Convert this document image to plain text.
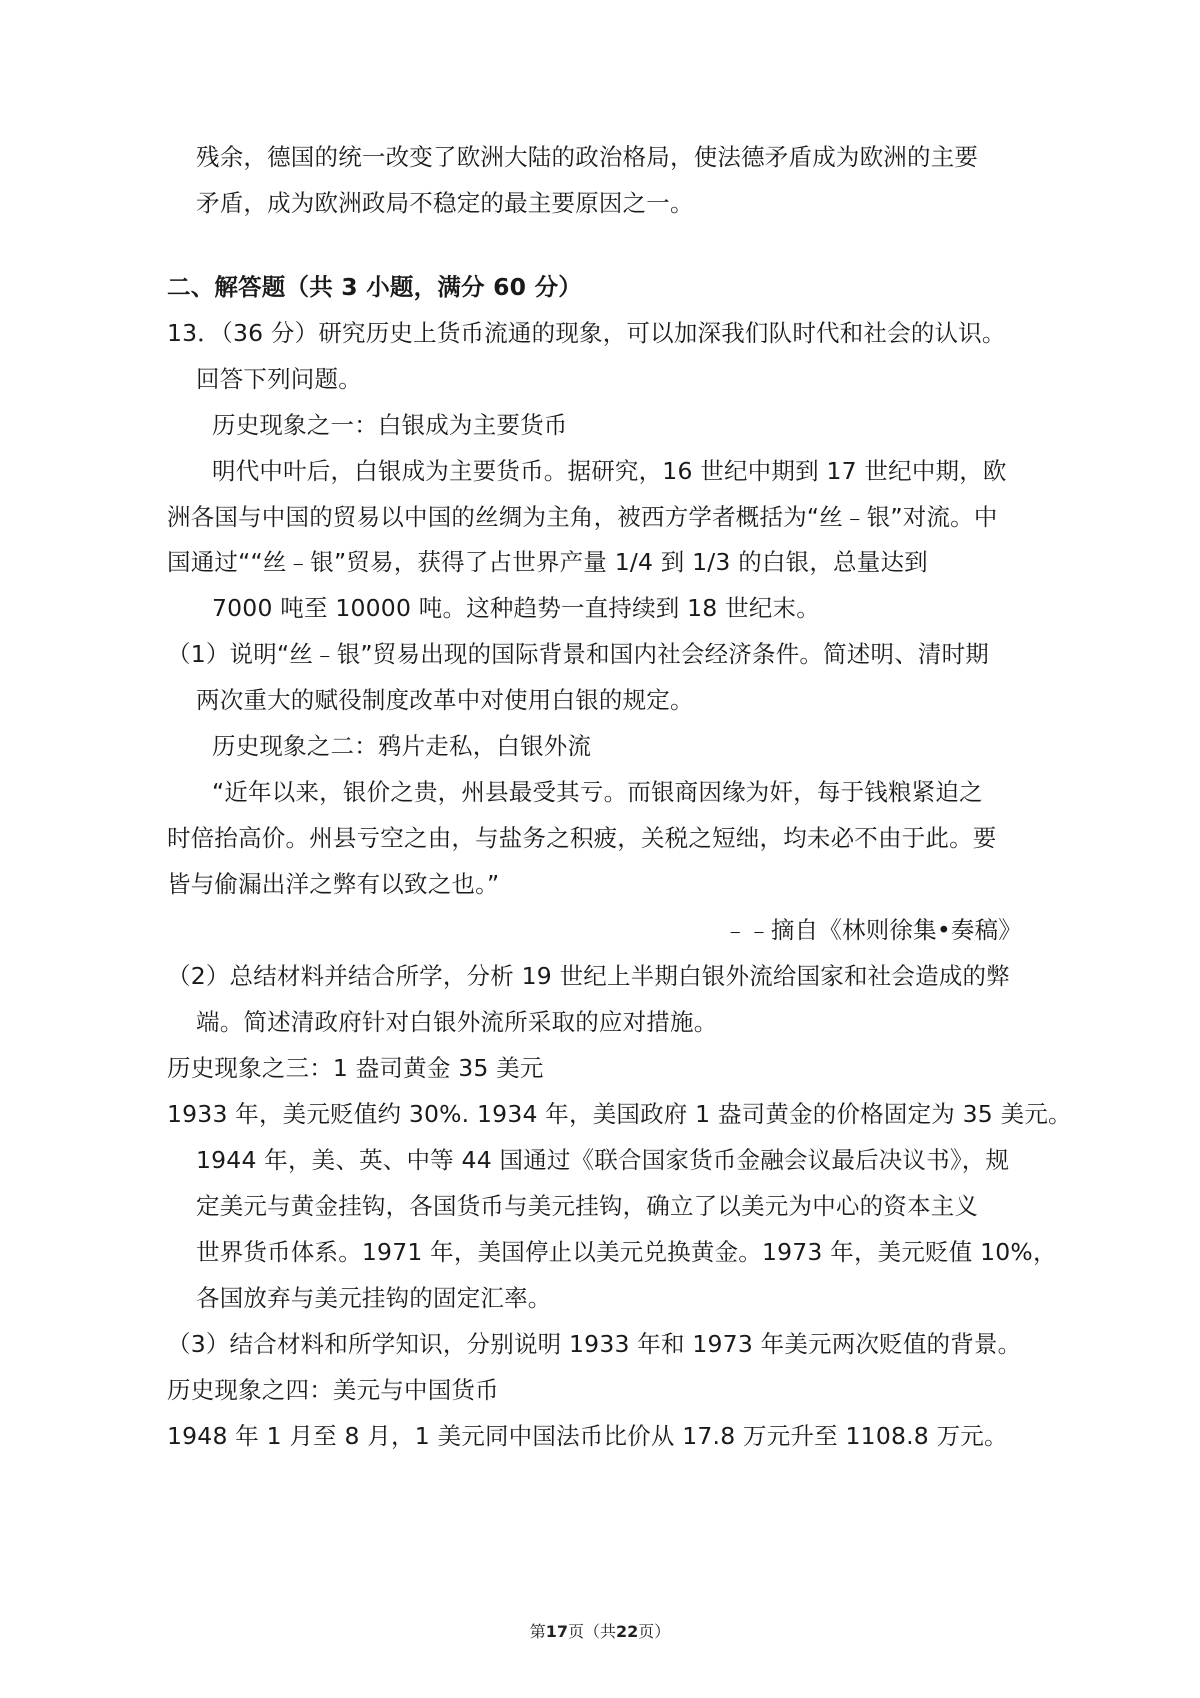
残余，德国的统一改变了欧洲大陆的政治格局，使法德矛盾成为欧洲的主要
矛盾，成为欧洲政局不稳定的最主要原因之一。
二、解答题（共 3 小题，满分 60 分）
13．（36 分）研究历史上货币流通的现象，可以加深我们队时代和社会的认识。
回答下列问题。
历史现象之一：白银成为主要货币
明代中叶后，白银成为主要货币。据研究，16 世纪中期到 17 世纪中期，欧
洲各国与中国的贸易以中国的丝绸为主角，被西方学者概括为“丝﹣银”对流。中
国通过““丝﹣银”贸易，获得了占世界产量 1/4 到 1/3 的白银，总量达到
7000 吨至 10000 吨。这种趋势一直持续到 18 世纪末。
（1）说明“丝﹣银”贸易出现的国际背景和国内社会经济条件。简述明、清时期
两次重大的赋役制度改革中对使用白银的规定。
历史现象之二：鸦片走私，白银外流
“近年以来，银价之贵，州县最受其亏。而银商因缘为奸，每于钱粮紧迫之
时倍抬高价。州县亏空之由，与盐务之积疲，关税之短绌，均未必不由于此。要
皆与偷漏出洋之弊有以致之也。”
﹣﹣摘自《林则徐集•奏稿》
（2）总结材料并结合所学，分析 19 世纪上半期白银外流给国家和社会造成的弊
端。简述清政府针对白银外流所采取的应对措施。
历史现象之三：1 盎司黄金 35 美元
1933 年，美元贬值约 30%. 1934 年，美国政府 1 盎司黄金的价格固定为 35 美元。
1944 年，美、英、中等 44 国通过《联合国家货币金融会议最后决议书》，规
定美元与黄金挂钩，各国货币与美元挂钩，确立了以美元为中心的资本主义
世界货币体系。1971 年，美国停止以美元兑换黄金。1973 年，美元贬值 10%，
各国放弃与美元挂钩的固定汇率。
（3）结合材料和所学知识，分别说明 1933 年和 1973 年美元两次贬值的背景。
历史现象之四：美元与中国货币
1948 年 1 月至 8 月，1 美元同中国法币比价从 17.8 万元升至 1108.8 万元。
第17页（共22页）
